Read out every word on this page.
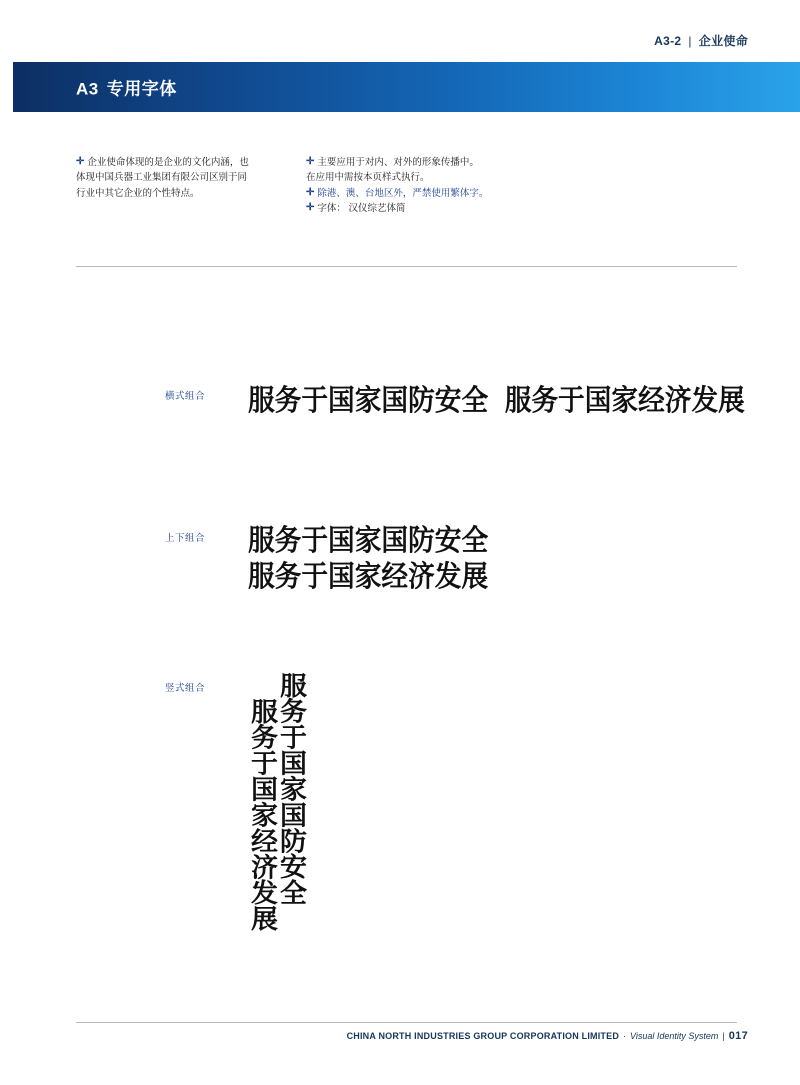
A3-2 | 企业使命
A3 专用字体
✛ 企业使命体现的是企业的文化内涵，也
体现中国兵器工业集团有限公司区别于同
行业中其它企业的个性特点。
✛ 主要应用于对内、对外的形象传播中。
在应用中需按本页样式执行。
✛ 除港、澳、台地区外，严禁使用繁体字。
✛ 字体： 汉仪综艺体简
横式组合 服务于国家国防安全 服务于国家经济发展
上下组合 服务于国家国防安全
服务于国家经济发展
竖式组合
服务于国家经济发展
服务于国家国防安全
CHINA NORTH INDUSTRIES GROUP CORPORATION LIMITED · Visual Identity System | 017
